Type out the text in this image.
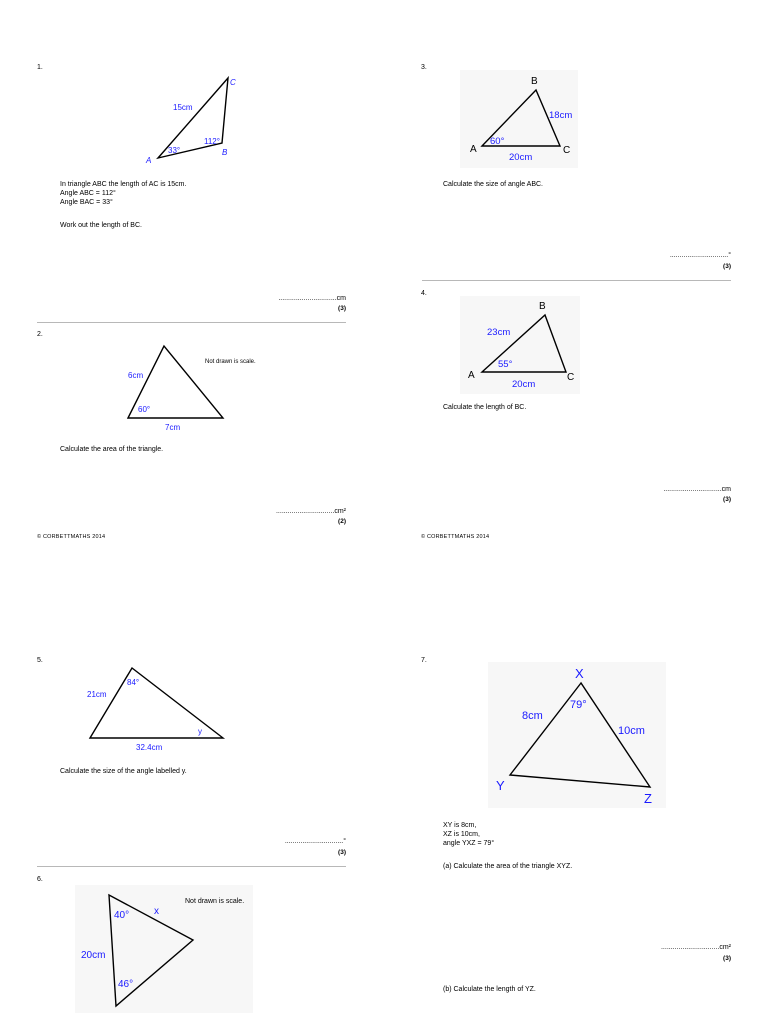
1.
C
15cm
112°
33°	B
A
In triangle ABC the length of AC is 15cm.
Angle ABC = 112°
Angle BAC = 33°
Work out the length of BC.
..............................cm
(3)
2.
6cm
60°
7cm
Not drawn is scale.
Calculate the area of the triangle.
..............................cm²
(2)
© CORBETTMATHS 2014
3.
B
18cm
60°
A	C
20cm
Calculate the size of angle ABC.
..............................°
(3)
4.
B
23cm
55°
A	C
20cm
Calculate the length of BC.
..............................cm
(3)
© CORBETTMATHS 2014
5.
21cm
84°
y
32.4cm
Calculate the size of the angle labelled y.
..............................°
(3)
6.
40° x
20cm
46°
Not drawn is scale.
7.
X
8cm
79°
10cm
Y
Z
XY is 8cm,
XZ is 10cm,
angle YXZ = 79°
(a) Calculate the area of the triangle XYZ.
..............................cm²
(3)
(b) Calculate the length of YZ.
